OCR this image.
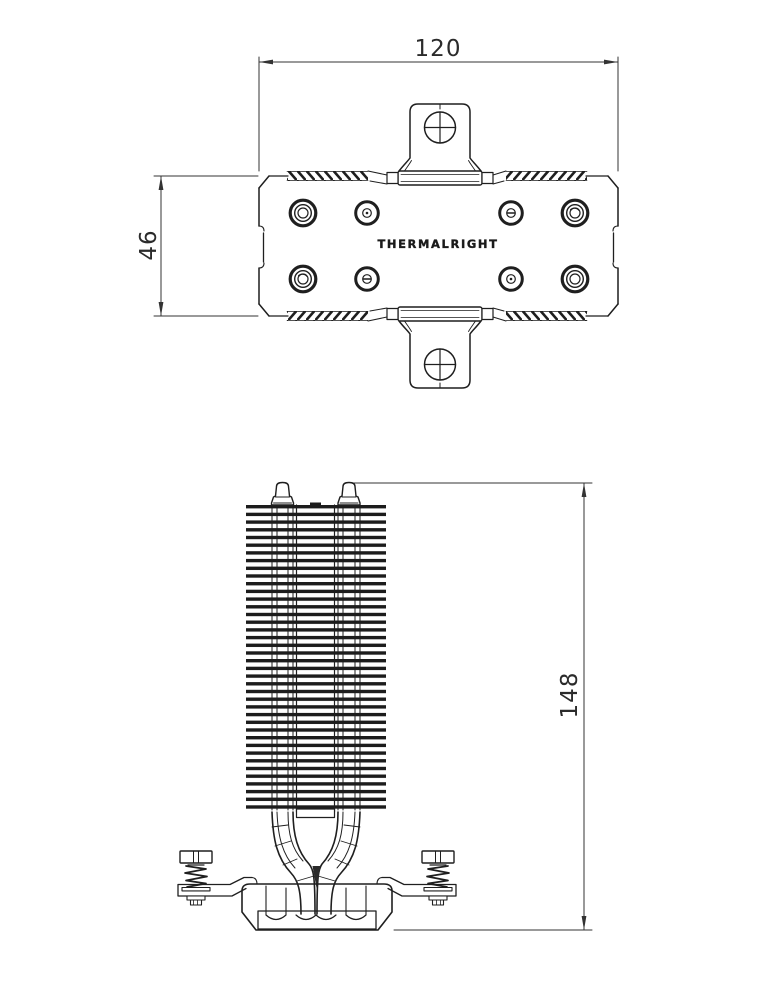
120
46
148
THERMALRIGHT
